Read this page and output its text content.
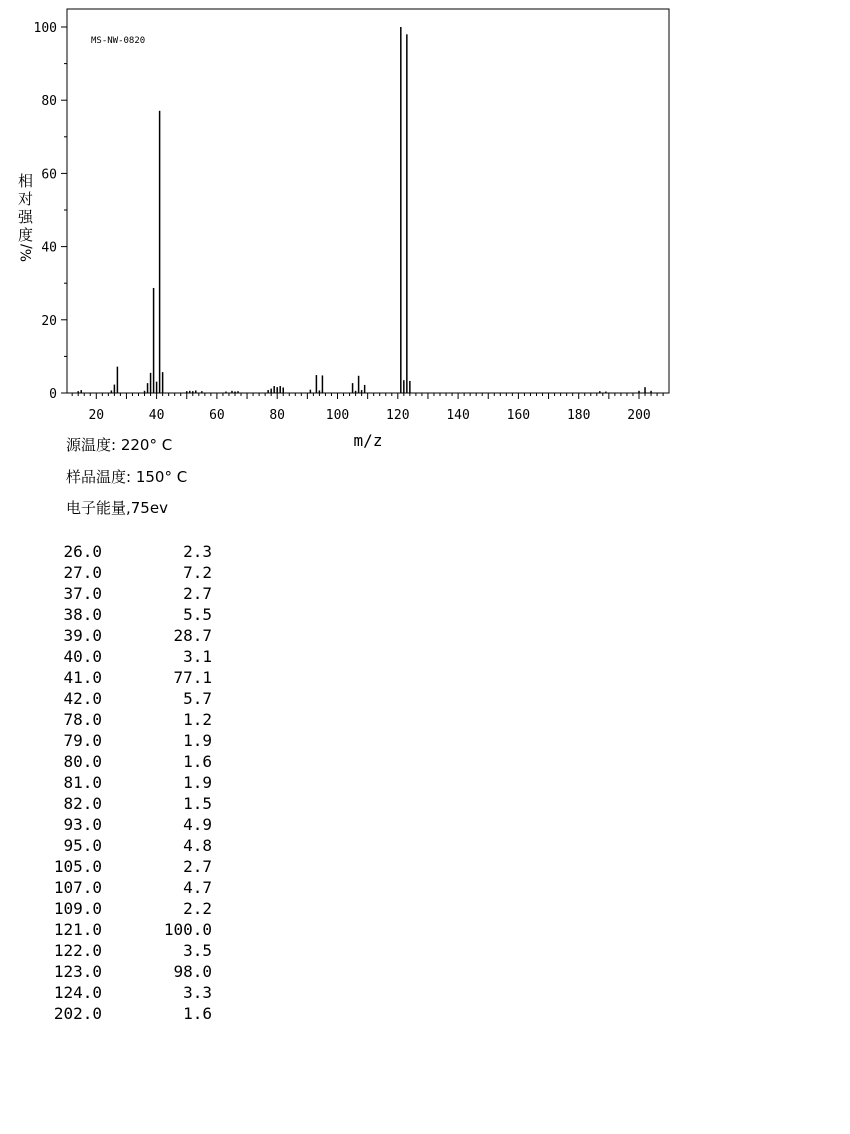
0
20
40
60
80
100
20	40	60	80	100	120	140	160	180	200
MS-NW-0820
相 对 强 度
%/
m/z
源温度: 220° C
样品温度: 150° C
电子能量,75ev
26.0	2.3
27.0	7.2
37.0	2.7
38.0	5.5
39.0	28.7
40.0	3.1
41.0	77.1
42.0	5.7
78.0	1.2
79.0	1.9
80.0	1.6
81.0	1.9
82.0	1.5
93.0	4.9
95.0	4.8
105.0	2.7
107.0	4.7
109.0	2.2
121.0	100.0
122.0	3.5
123.0	98.0
124.0	3.3
202.0	1.6
